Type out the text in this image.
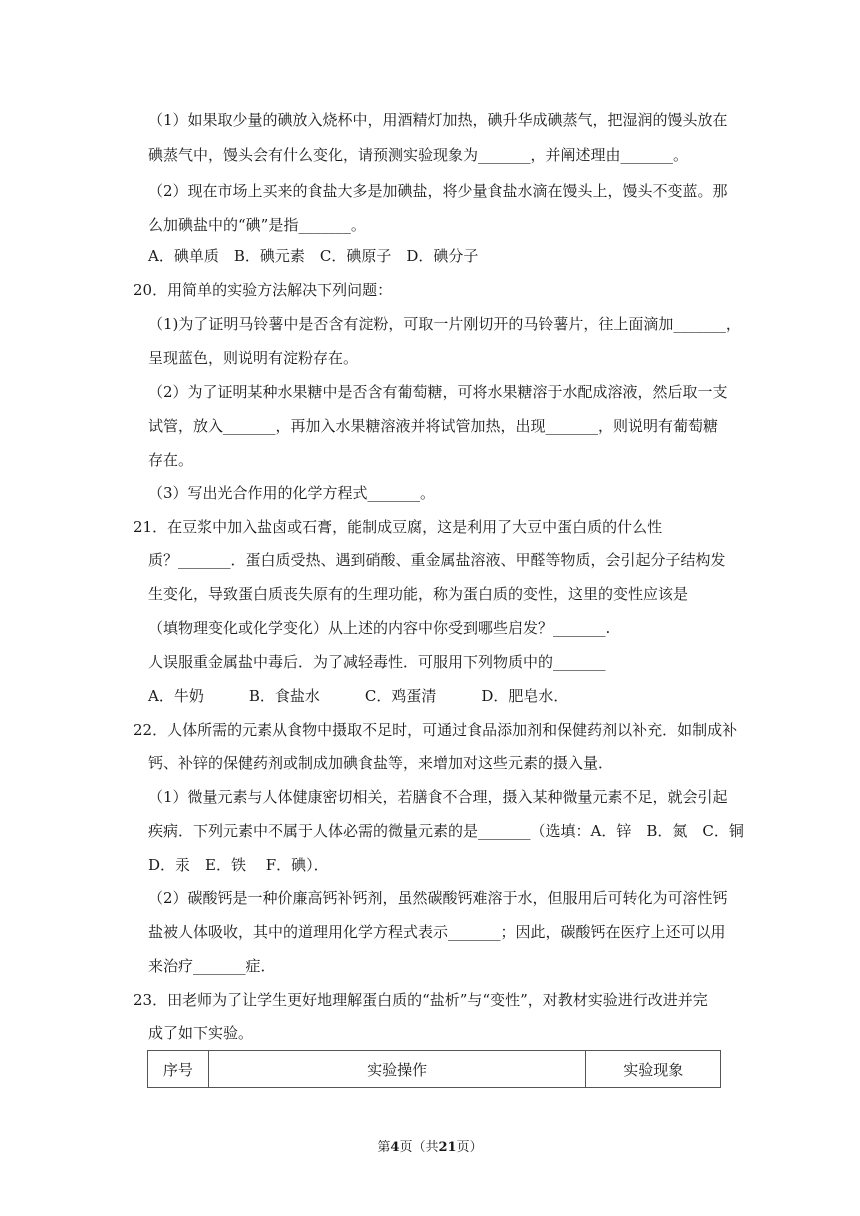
（1）如果取少量的碘放入烧杯中，用酒精灯加热，碘升华成碘蒸气，把湿润的馒头放在
碘蒸气中，馒头会有什么变化，请预测实验现象为_______，并阐述理由_______。
（2）现在市场上买来的食盐大多是加碘盐，将少量食盐水滴在馒头上，馒头不变蓝。那
么加碘盐中的“碘”是指_______。
A．碘单质　B．碘元素　C．碘原子　D．碘分子
20．用简单的实验方法解决下列问题：
（1)为了证明马铃薯中是否含有淀粉，可取一片刚切开的马铃薯片，往上面滴加_______，
呈现蓝色，则说明有淀粉存在。
（2）为了证明某种水果糖中是否含有葡萄糖，可将水果糖溶于水配成溶液，然后取一支
试管，放入_______，再加入水果糖溶液并将试管加热，出现_______，则说明有葡萄糖
存在。
（3）写出光合作用的化学方程式_______。
21．在豆浆中加入盐卤或石膏，能制成豆腐，这是利用了大豆中蛋白质的什么性
质？_______．蛋白质受热、遇到硝酸、重金属盐溶液、甲醛等物质，会引起分子结构发
生变化，导致蛋白质丧失原有的生理功能，称为蛋白质的变性，这里的变性应该是
（填物理变化或化学变化）从上述的内容中你受到哪些启发？_______.
人误服重金属盐中毒后．为了减轻毒性．可服用下列物质中的_______
A．牛奶　　　B．食盐水　　　C．鸡蛋清　　　D．肥皂水．
22．人体所需的元素从食物中摄取不足时，可通过食品添加剂和保健药剂以补充．如制成补
钙、补锌的保健药剂或制成加碘食盐等，来增加对这些元素的摄入量．
（1）微量元素与人体健康密切相关，若膳食不合理，摄入某种微量元素不足，就会引起
疾病．下列元素中不属于人体必需的微量元素的是_______（选填：A．锌　B．氮　C．铜
D．汞　E．铁　 F．碘）．
（2）碳酸钙是一种价廉高钙补钙剂，虽然碳酸钙难溶于水，但服用后可转化为可溶性钙
盐被人体吸收，其中的道理用化学方程式表示_______；因此，碳酸钙在医疗上还可以用
来治疗_______症．
23．田老师为了让学生更好地理解蛋白质的“盐析”与“变性”，对教材实验进行改进并完
成了如下实验。
序号	实验操作	实验现象
第4页（共21页）
